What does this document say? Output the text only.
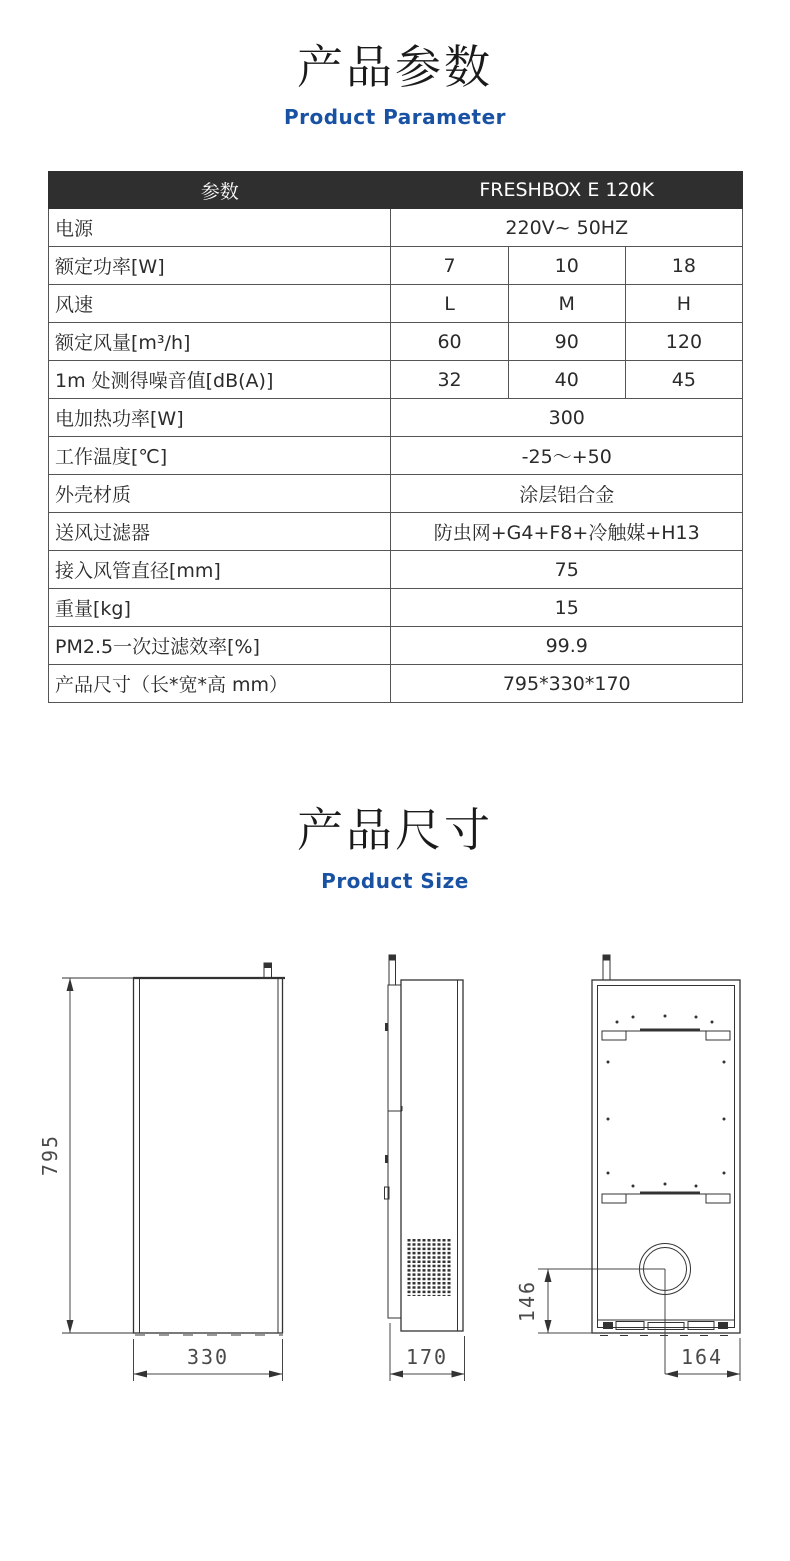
产品参数
Product Parameter
参数	FRESHBOX E 120K		
电源	220V~ 50HZ		
额定功率[W]	7	10	18
风速	L	M	H
额定风量[m³/h]	60	90	120
1m 处测得噪音值[dB(A)]	32	40	45
电加热功率[W]	300		
工作温度[℃]	-25～+50		
外壳材质	涂层铝合金		
送风过滤器	防虫网+G4+F8+冷触媒+H13		
接入风管直径[mm]	75		
重量[kg]	15		
PM2.5一次过滤效率[%]	99.9		
产品尺寸（长*宽*高 mm）	795*330*170		
产品尺寸
Product Size
795
330	170
146
164
